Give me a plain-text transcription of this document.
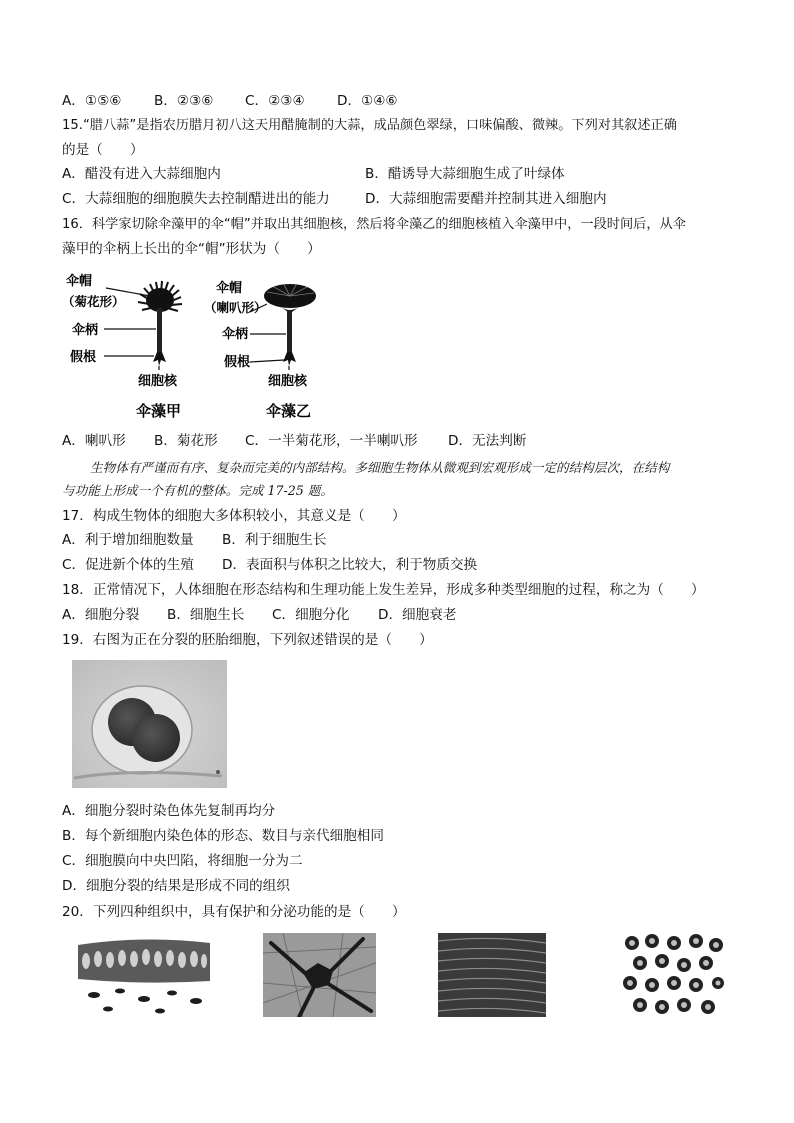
A．①⑤⑥ B．②③⑥ C．②③④ D．①④⑥
15.“腊八蒜”是指农历腊月初八这天用醋腌制的大蒜，成品颜色翠绿，口味偏酸、微辣。下列对其叙述正确
的是（　　）
A．醋没有进入大蒜细胞内	B．醋诱导大蒜细胞生成了叶绿体
C．大蒜细胞的细胞膜失去控制醋进出的能力	D．大蒜细胞需要醋并控制其进入细胞内
16．科学家切除伞藻甲的伞“帽”并取出其细胞核，然后将伞藻乙的细胞核植入伞藻甲中，一段时间后，从伞
藻甲的伞柄上长出的伞“帽”形状为（　　）
伞帽
（菊花形）
伞柄
假根
细胞核
伞藻甲
伞帽
（喇叭形）
伞柄
假根
细胞核
伞藻乙
A．喇叭形 B．菊花形 C．一半菊花形，一半喇叭形 D．无法判断
生物体有严谨而有序、复杂而完美的内部结构。多细胞生物体从微观到宏观形成一定的结构层次，在结构
与功能上形成一个有机的整体。完成 17-25 题。
17．构成生物体的细胞大多体积较小，其意义是（　　）
A．利于增加细胞数量 B．利于细胞生长
C．促进新个体的生殖 D．表面积与体积之比较大，利于物质交换
18．正常情况下，人体细胞在形态结构和生理功能上发生差异，形成多种类型细胞的过程，称之为（　　）
A．细胞分裂 B．细胞生长 C．细胞分化 D．细胞衰老
19．右图为正在分裂的胚胎细胞，下列叙述错误的是（　　）
A．细胞分裂时染色体先复制再均分
B．每个新细胞内染色体的形态、数目与亲代细胞相同
C．细胞膜向中央凹陷，将细胞一分为二
D．细胞分裂的结果是形成不同的组织
20．下列四种组织中，具有保护和分泌功能的是（　　）
